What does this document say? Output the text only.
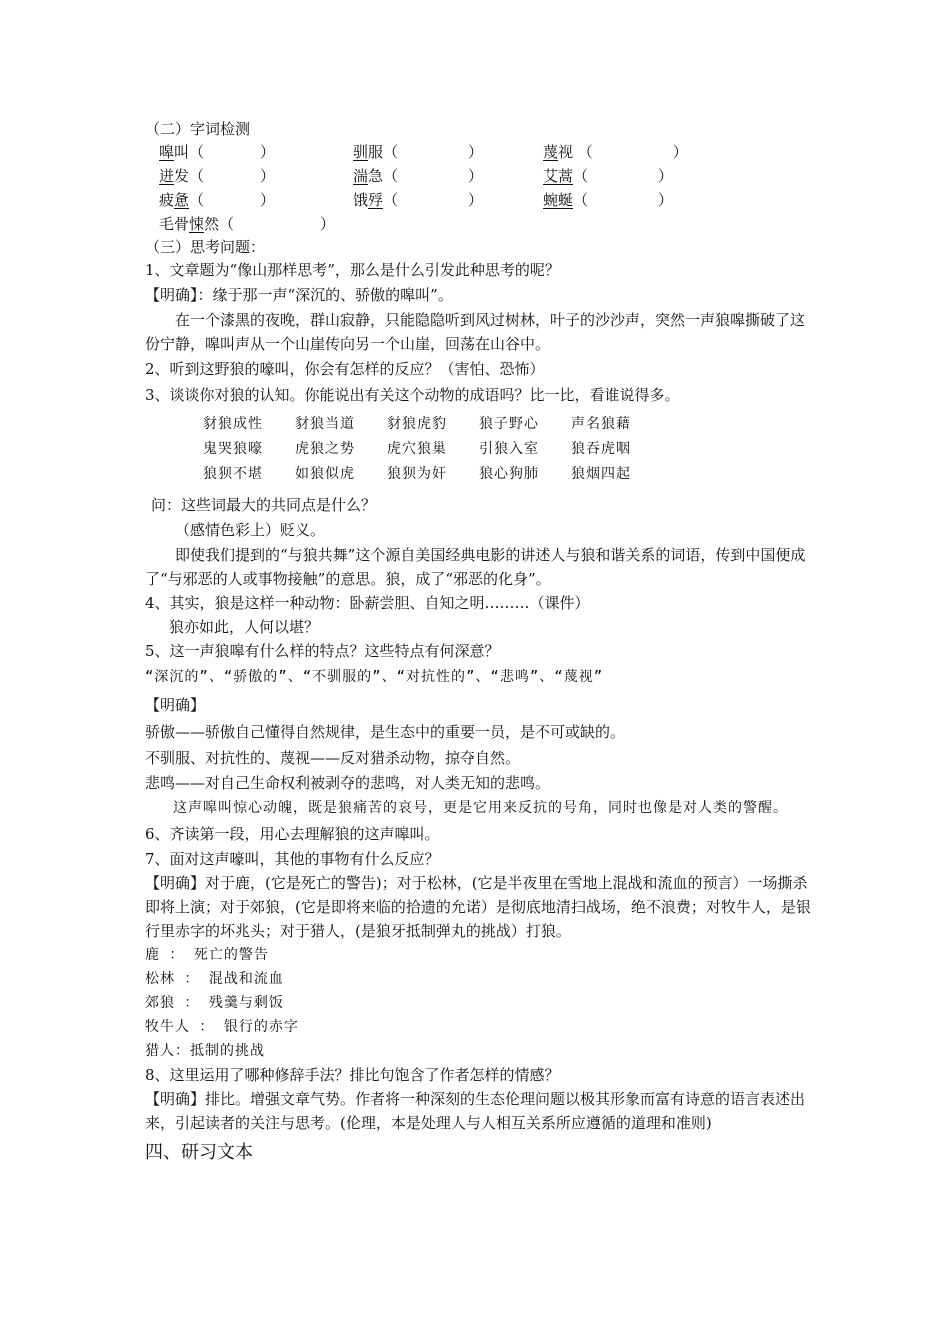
（二）字词检测
嗥 叫（	）	驯 服（	）	蔑 视 （	）
迸 发（	）	湍 急（	）	艾蒿 （	）
疲 惫 （	）	饿 殍 （	）	蜿蜒 （	）
毛骨 悚 然（	）
（三）思考问题：
1、文章题为“像山那样思考”，那么是什么引发此种思考的呢？
【明确】：缘于那一声“深沉的、骄傲的嗥叫”。
在一个漆黑的夜晚，群山寂静，只能隐隐听到风过树林，叶子的沙沙声，突然一声狼嗥撕破了这份宁静，嗥叫声从一个山崖传向另一个山崖，回荡在山谷中。
2、听到这野狼的嚎叫，你会有怎样的反应？（害怕、恐怖）
3、谈谈你对狼的认知。你能说出有关这个动物的成语吗？比一比，看谁说得多。
豺狼成性	豺狼当道	豺狼虎豹	狼子野心	声名狼藉
鬼哭狼嚎	虎狼之势	虎穴狼巢	引狼入室	狼吞虎咽
狼狈不堪	如狼似虎	狼狈为奸	狼心狗肺	狼烟四起
问：这些词最大的共同点是什么？
（感情色彩上）贬义。
即使我们提到的“与狼共舞”这个源自美国经典电影的讲述人与狼和谐关系的词语，传到中国便成了“与邪恶的人或事物接触”的意思。狼，成了“邪恶的化身”。
4、其实，狼是这样一种动物：卧薪尝胆、自知之明………（课件）
狼亦如此，人何以堪？
5、这一声狼嗥有什么样的特点？这些特点有何深意？
“深沉的”、“骄傲的”、“不驯服的”、“对抗性的”、“悲鸣”、“蔑视”
【明确】
骄傲——骄傲自己懂得自然规律，是生态中的重要一员，是不可或缺的。
不驯服、对抗性的、蔑视——反对猎杀动物，掠夺自然。
悲鸣——对自己生命权利被剥夺的悲鸣，对人类无知的悲鸣。
这声嗥叫惊心动魄，既是狼痛苦的哀号，更是它用来反抗的号角，同时也像是对人类的警醒。
6、齐读第一段，用心去理解狼的这声嗥叫。
7、面对这声嚎叫，其他的事物有什么反应？
【明确】对于鹿，(它是死亡的警告)；对于松林，(它是半夜里在雪地上混战和流血的预言）一场撕杀即将上演；对于郊狼，(它是即将来临的拾遗的允诺）是彻底地清扫战场，绝不浪费；对牧牛人，是银行里赤字的坏兆头；对于猎人，(是狼牙抵制弹丸的挑战）打狼。
鹿 ： 死亡的警告
松林 ： 混战和流血
郊狼 ： 残羹与剩饭
牧牛人 ： 银行的赤字
猎人：抵制的挑战
8、这里运用了哪种修辞手法？排比句饱含了作者怎样的情感？
【明确】排比。增强文章气势。作者将一种深刻的生态伦理问题以极其形象而富有诗意的语言表述出来，引起读者的关注与思考。(伦理，本是处理人与人相互关系所应遵循的道理和准则)
四、研习文本
